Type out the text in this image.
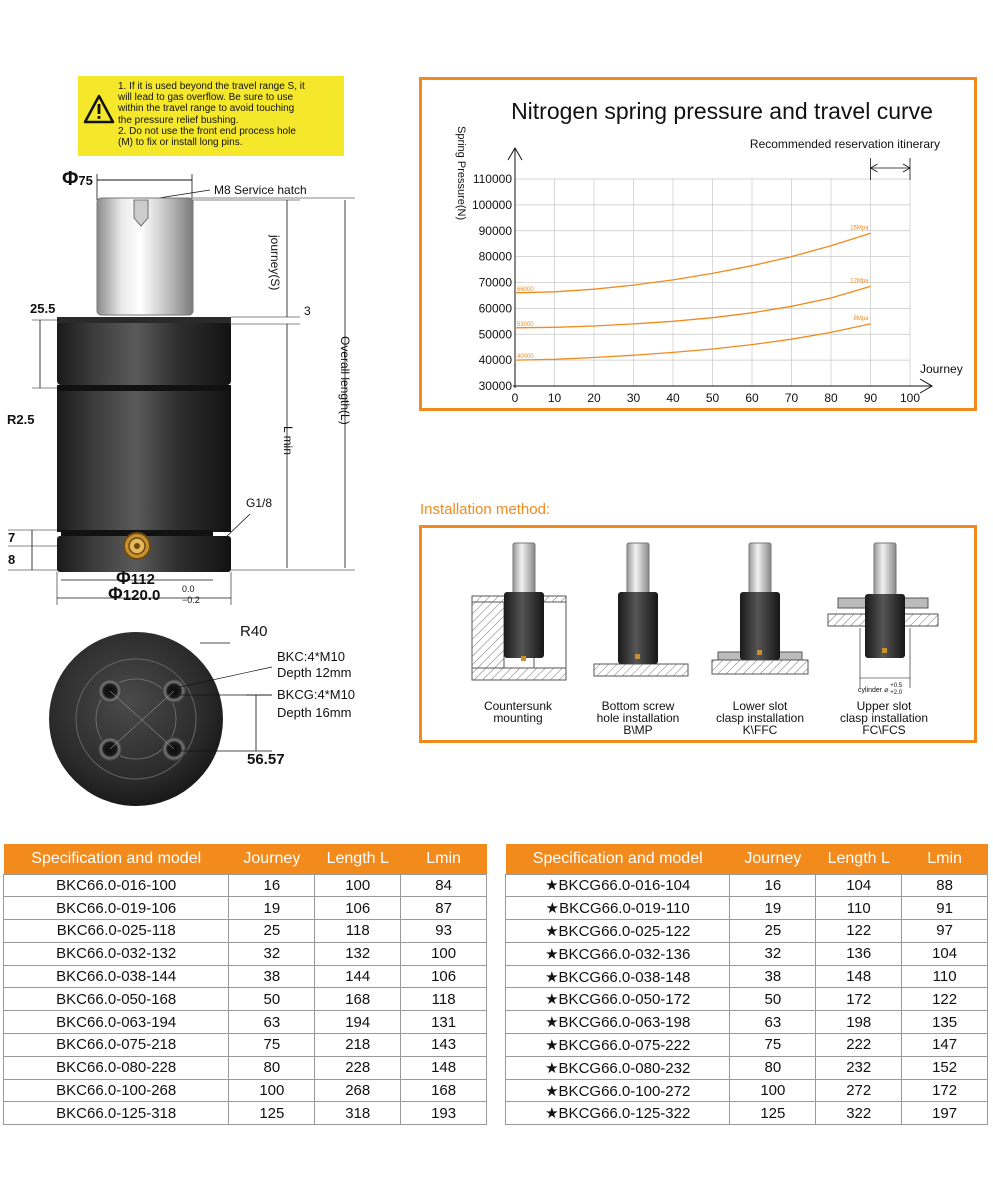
1. If it is used beyond the travel range S, it
will lead to gas overflow. Be sure to use
within the travel range to avoid touching
the pressure relief bushing.
2. Do not use the front end process hole
(M) to fix or install long pins.
Φ75
M8 Service hatch
journey(S)
3
25.5
R2.5	Overall length(L)
L min
G1/8
7
8
Φ112
Φ120.0 0.0
−0.2
R40
BKC:4*M10
Depth 12mm
BKCG:4*M10
Depth 16mm
56.57
Nitrogen spring pressure and travel curve
0 10 20 30 40 50 60 70 80 90 100
30000
40000
50000
60000
70000
80000
90000
100000
110000
Spring Pressure(N)
Journey
Recommended reservation itinerary
15Mpa
66000
12Mpa
53000
8Mpa
40000
Installation method:
Countersunk
mounting
Bottom screw
hole installation
B\MP
Lower slot
clasp installation
K\FFC
Upper slot
clasp installation
FC\FCS
cylinder ⌀
+0.5
+2.0
Specification and model	Journey	Length L	Lmin
BKC66.0-016-100	16	100	84
BKC66.0-019-106	19	106	87
BKC66.0-025-118	25	118	93
BKC66.0-032-132	32	132	100
BKC66.0-038-144	38	144	106
BKC66.0-050-168	50	168	118
BKC66.0-063-194	63	194	131
BKC66.0-075-218	75	218	143
BKC66.0-080-228	80	228	148
BKC66.0-100-268	100	268	168
BKC66.0-125-318	125	318	193
Specification and model	Journey	Length L	Lmin
★BKCG66.0-016-104	16	104	88
★BKCG66.0-019-110	19	110	91
★BKCG66.0-025-122	25	122	97
★BKCG66.0-032-136	32	136	104
★BKCG66.0-038-148	38	148	110
★BKCG66.0-050-172	50	172	122
★BKCG66.0-063-198	63	198	135
★BKCG66.0-075-222	75	222	147
★BKCG66.0-080-232	80	232	152
★BKCG66.0-100-272	100	272	172
★BKCG66.0-125-322	125	322	197
